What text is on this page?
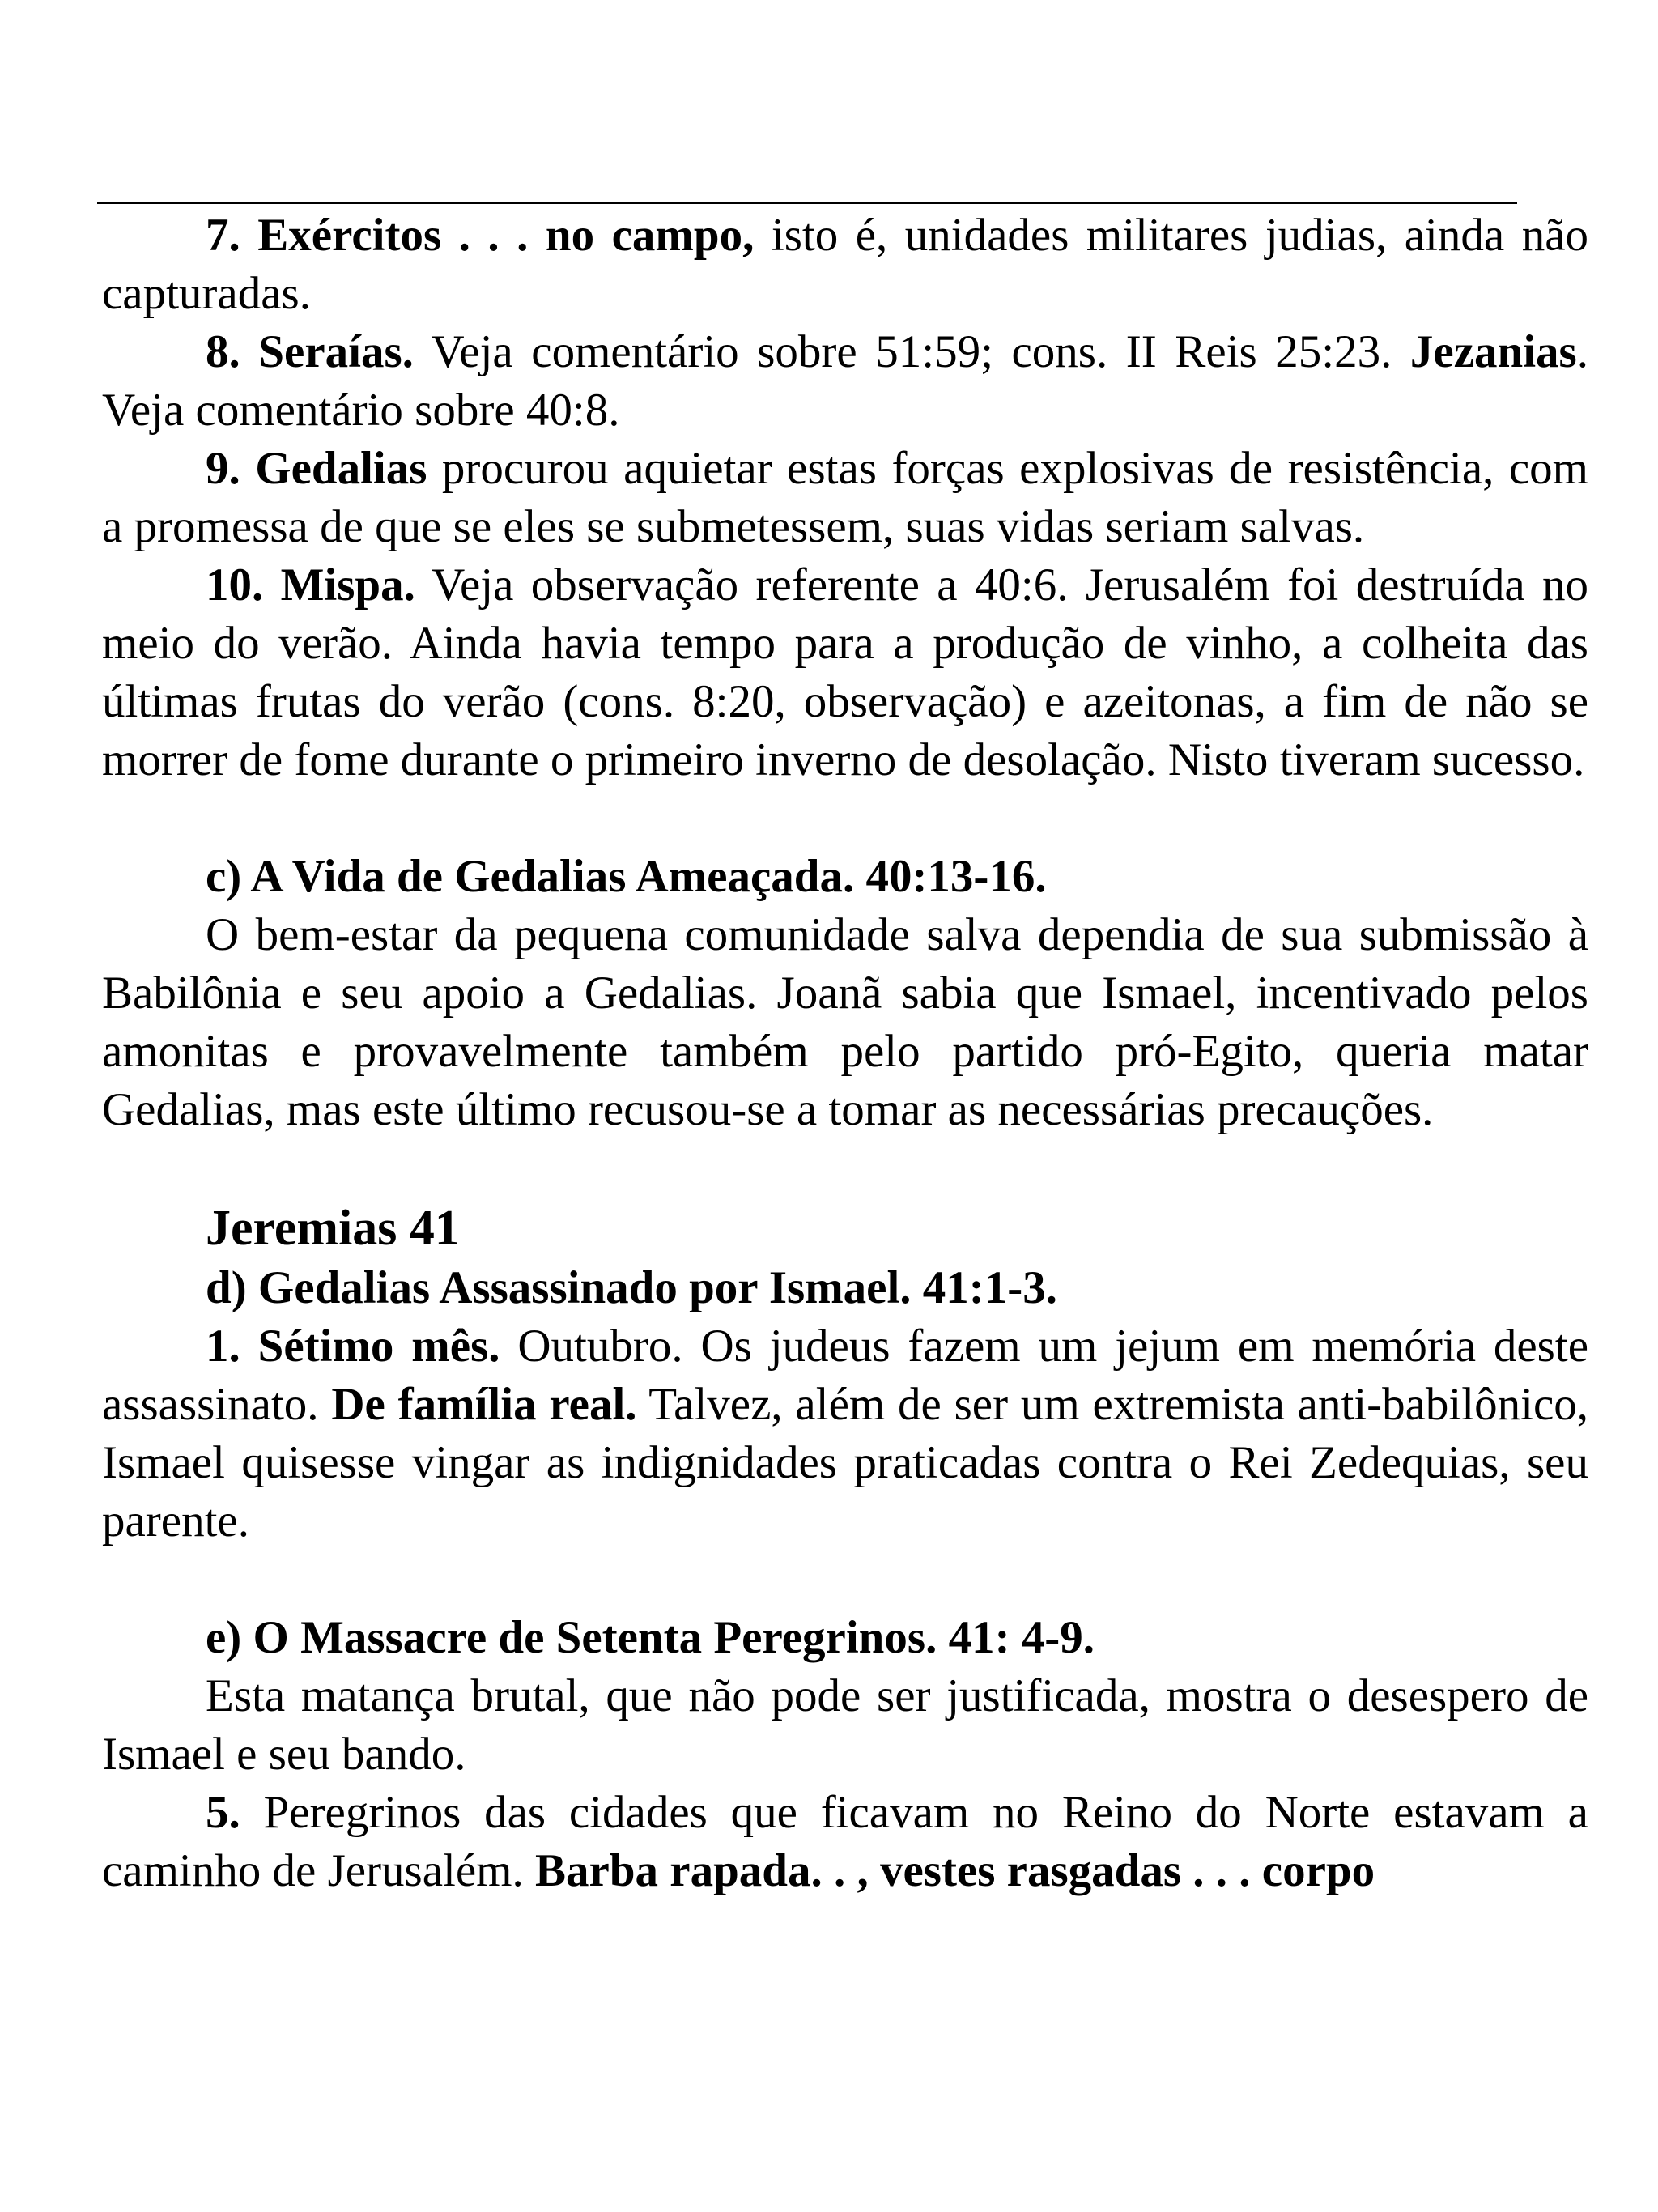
7. Exércitos . . . no campo, isto é, unidades militares judias, ainda não capturadas.

8. Seraías. Veja comentário sobre 51:59; cons. II Reis 25:23. Jezanias. Veja comentário sobre 40:8.

9. Gedalias procurou aquietar estas forças explosivas de resistência, com a promessa de que se eles se submetessem, suas vidas seriam salvas.

10. Mispa. Veja observação referente a 40:6. Jerusalém foi destruída no meio do verão. Ainda havia tempo para a produção de vinho, a colheita das últimas frutas do verão (cons. 8:20, observação) e azeitonas, a fim de não se morrer de fome durante o primeiro inverno de desolação. Nisto tiveram sucesso.

c) A Vida de Gedalias Ameaçada. 40:13-16.

O bem-estar da pequena comunidade salva dependia de sua submissão à Babilônia e seu apoio a Gedalias. Joanã sabia que Ismael, incentivado pelos amonitas e provavelmente também pelo partido pró-Egito, queria matar Gedalias, mas este último recusou-se a tomar as necessárias precauções.

Jeremias 41

d) Gedalias Assassinado por Ismael. 41:1-3.

1. Sétimo mês. Outubro. Os judeus fazem um jejum em memória deste assassinato. De família real. Talvez, além de ser um extremista anti-babilônico, Ismael quisesse vingar as indignidades praticadas contra o Rei Zedequias, seu parente.

e) O Massacre de Setenta Peregrinos. 41: 4-9.

Esta matança brutal, que não pode ser justificada, mostra o desespero de Ismael e seu bando.

5. Peregrinos das cidades que ficavam no Reino do Norte estavam a caminho de Jerusalém. Barba rapada. . , vestes rasgadas . . . corpo
